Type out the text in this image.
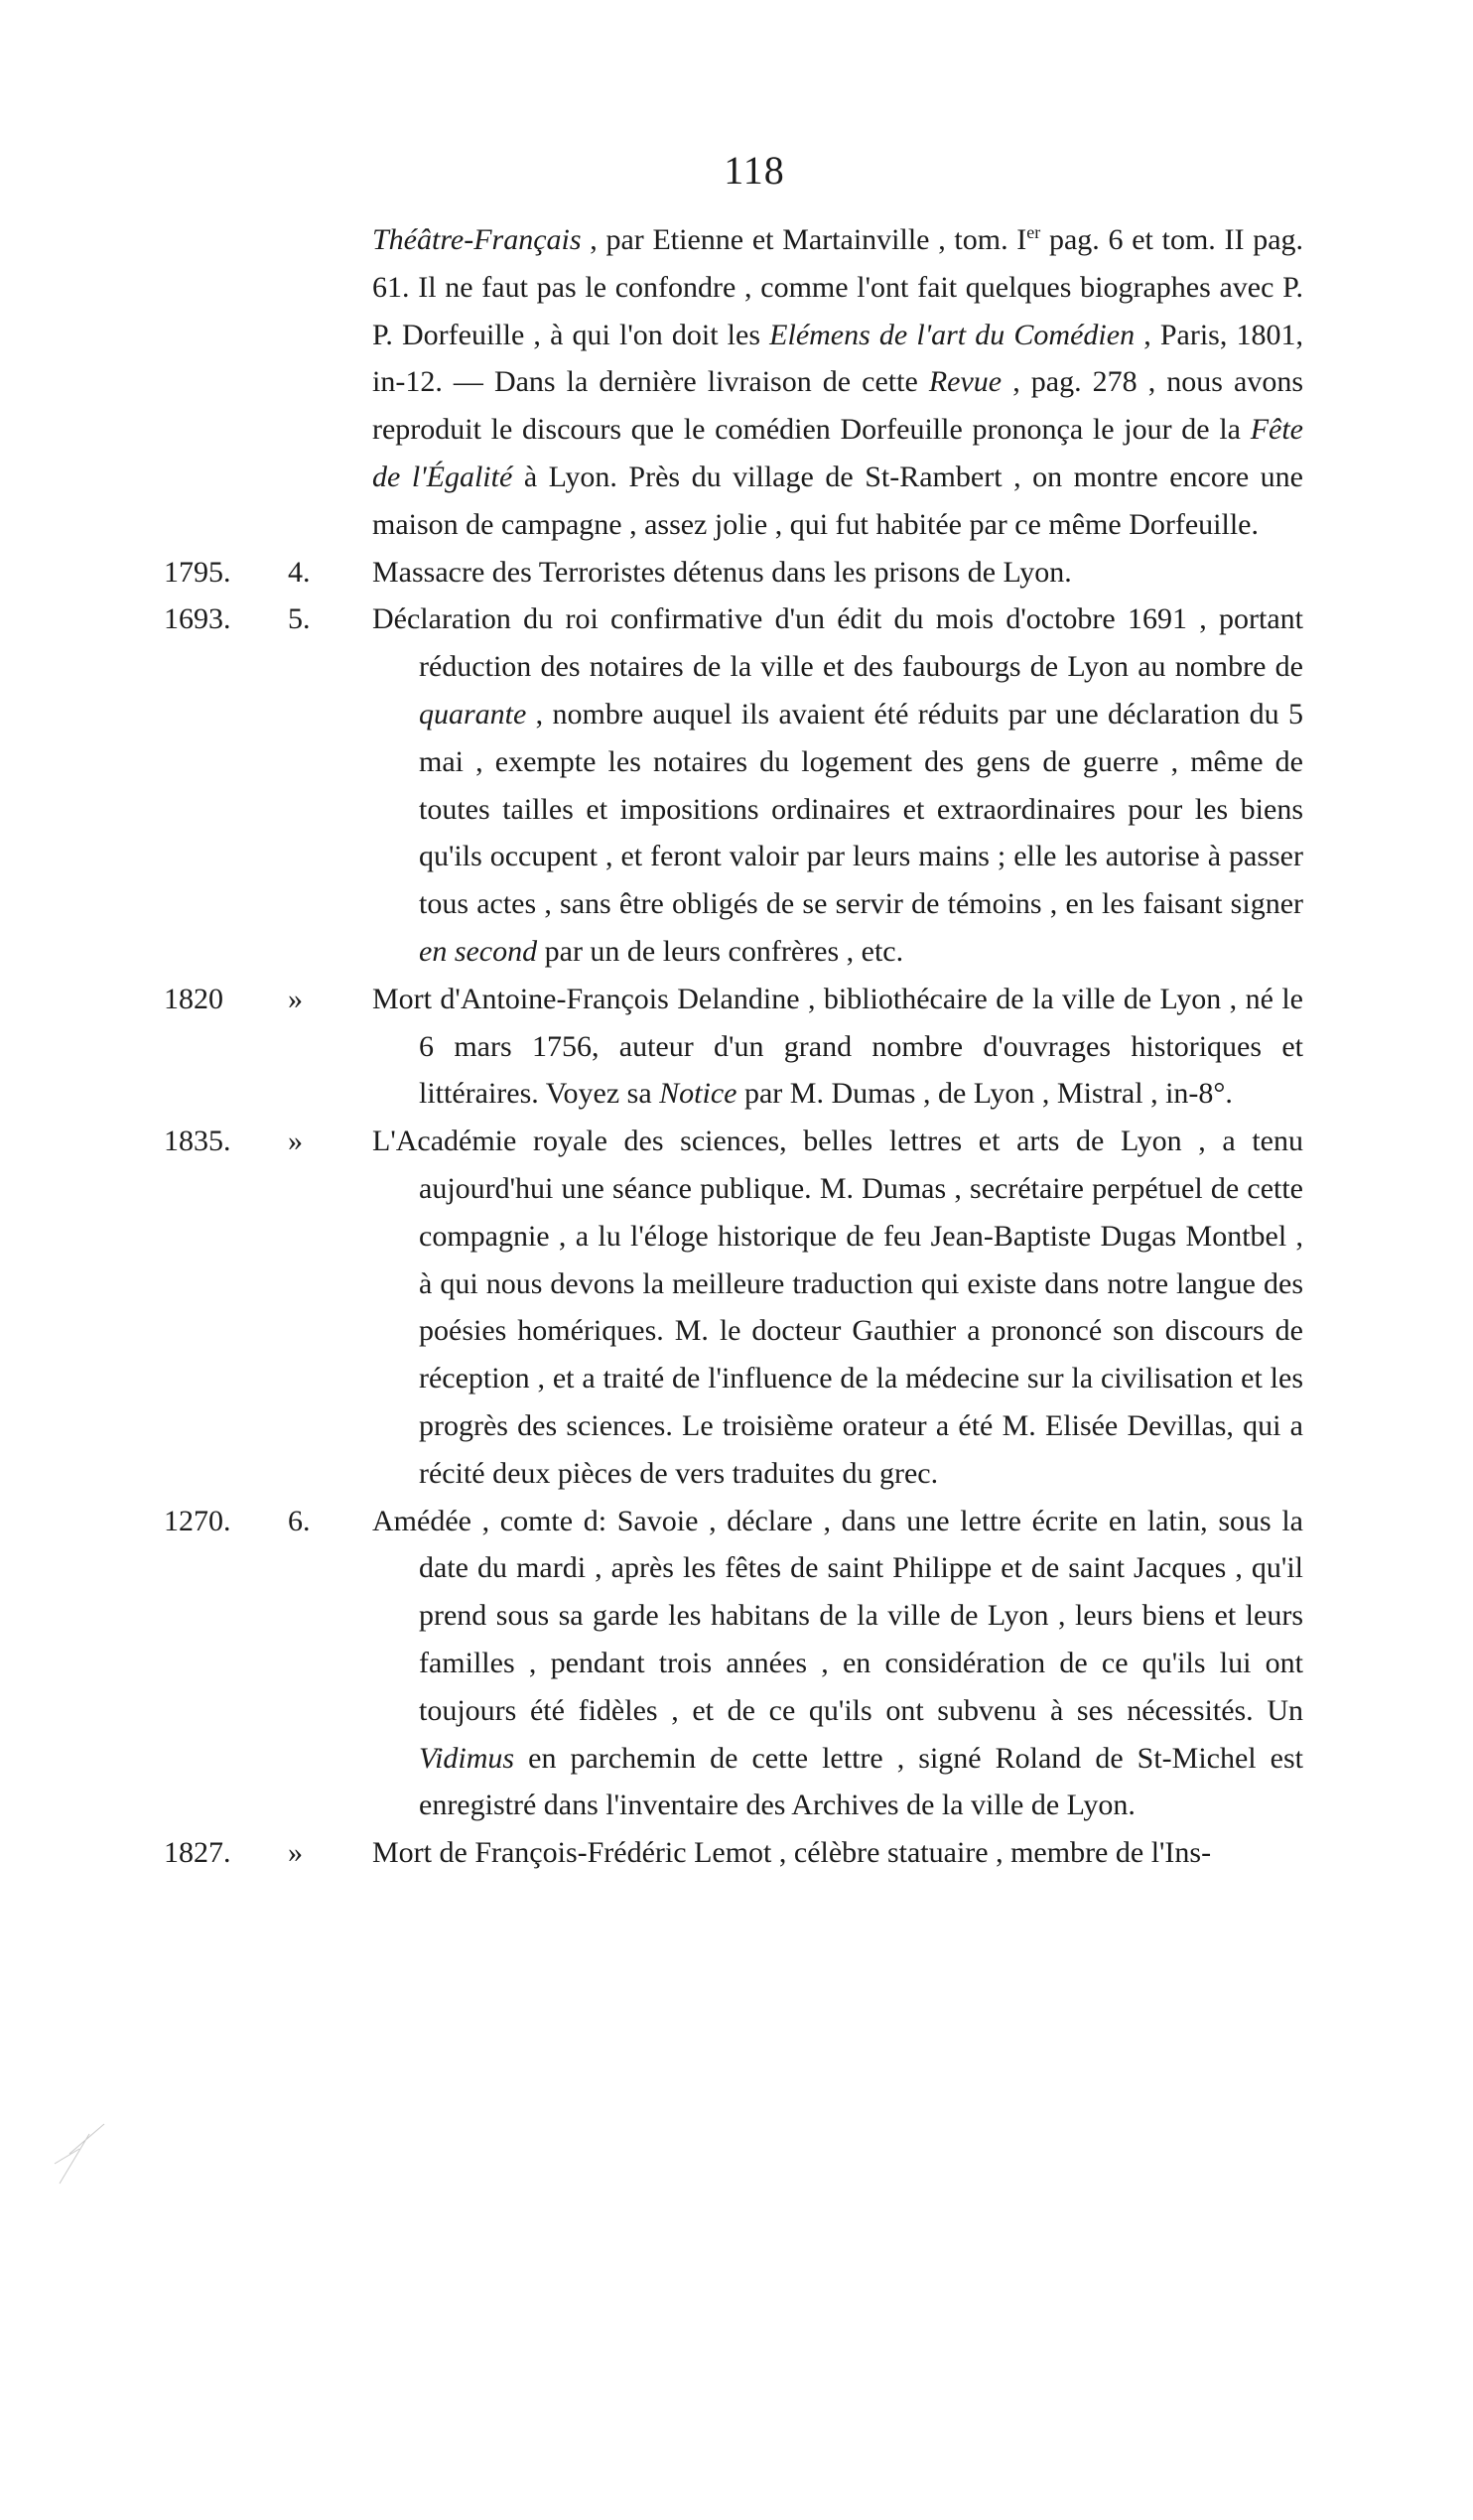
118
Théâtre-Français , par Etienne et Martainville , tom. Ier pag. 6 et tom. II pag. 61. Il ne faut pas le confondre , comme l'ont fait quelques biographes avec P. P. Dorfeuille , à qui l'on doit les Elémens de l'art du Comédien , Paris, 1801, in-12. — Dans la dernière livraison de cette Revue , pag. 278 , nous avons reproduit le discours que le comédien Dorfeuille prononça le jour de la Fête de l'Égalité à Lyon. Près du village de St-Rambert , on montre encore une maison de campagne , assez jolie , qui fut habitée par ce même Dorfeuille.
1795.	4.	Massacre des Terroristes détenus dans les prisons de Lyon.
1693.	5.	Déclaration du roi confirmative d'un édit du mois d'octobre 1691 , portant réduction des notaires de la ville et des faubourgs de Lyon au nombre de quarante , nombre auquel ils avaient été réduits par une déclaration du 5 mai , exempte les notaires du logement des gens de guerre , même de toutes tailles et impositions ordinaires et extraordinaires pour les biens qu'ils occupent , et feront valoir par leurs mains ; elle les autorise à passer tous actes , sans être obligés de se servir de témoins , en les faisant signer en second par un de leurs confrères , etc.
1820	»	Mort d'Antoine-François Delandine , bibliothécaire de la ville de Lyon , né le 6 mars 1756, auteur d'un grand nombre d'ouvrages historiques et littéraires. Voyez sa Notice par M. Dumas , de Lyon , Mistral , in-8°.
1835.	»	L'Académie royale des sciences, belles lettres et arts de Lyon , a tenu aujourd'hui une séance publique. M. Dumas , secrétaire perpétuel de cette compagnie , a lu l'éloge historique de feu Jean-Baptiste Dugas Montbel , à qui nous devons la meilleure traduction qui existe dans notre langue des poésies homériques. M. le docteur Gauthier a prononcé son discours de réception , et a traité de l'influence de la médecine sur la civilisation et les progrès des sciences. Le troisième orateur a été M. Elisée Devillas, qui a récité deux pièces de vers traduites du grec.
1270.	6.	Amédée , comte d: Savoie , déclare , dans une lettre écrite en latin, sous la date du mardi , après les fêtes de saint Philippe et de saint Jacques , qu'il prend sous sa garde les habitans de la ville de Lyon , leurs biens et leurs familles , pendant trois années , en considération de ce qu'ils lui ont toujours été fidèles , et de ce qu'ils ont subvenu à ses nécessités. Un Vidimus en parchemin de cette lettre , signé Roland de St-Michel est enregistré dans l'inventaire des Archives de la ville de Lyon.
1827.	»	Mort de François-Frédéric Lemot , célèbre statuaire , membre de l'Ins-
